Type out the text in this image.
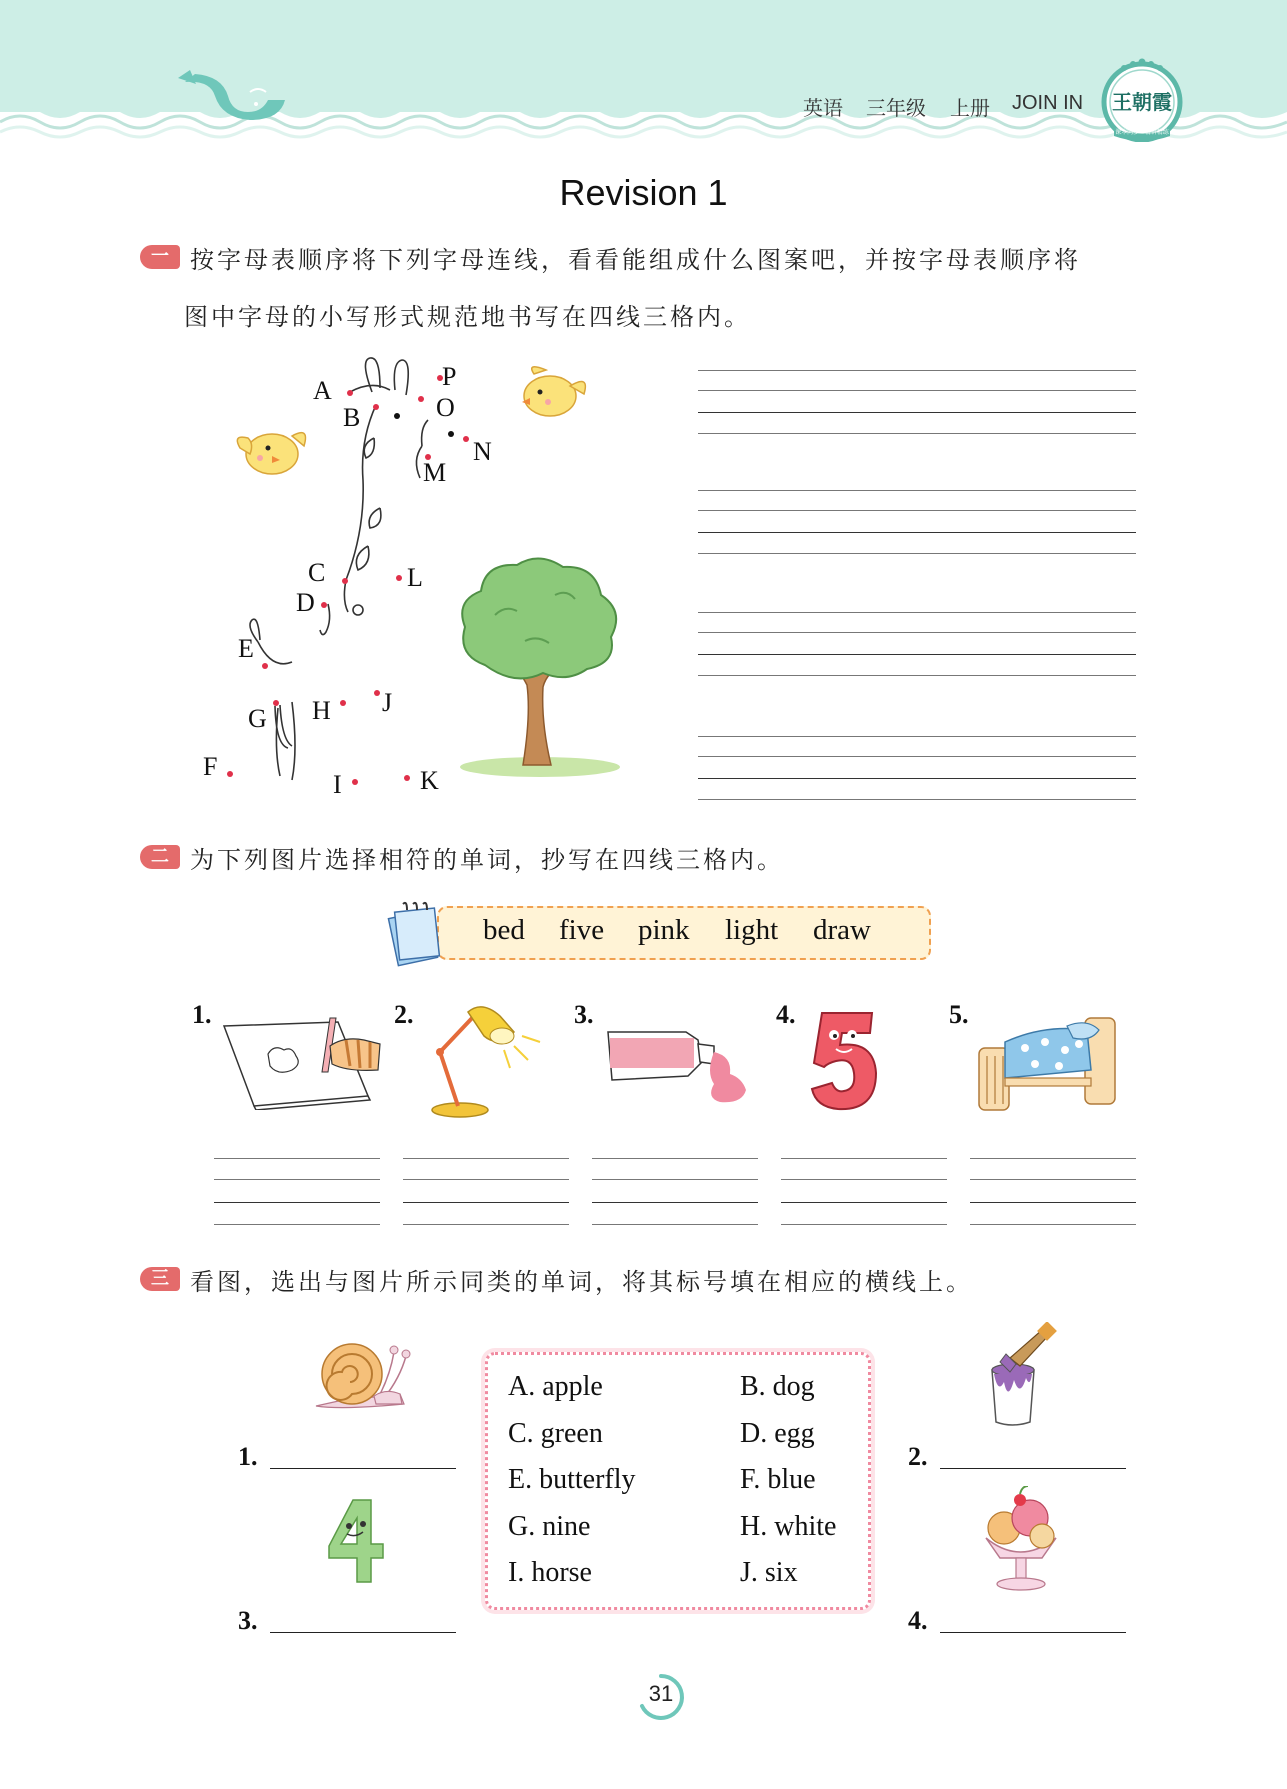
英语 三年级 上册 JOIN IN	王朝霞
课本同步 · 精讲精练
Revision 1
一 按字母表顺序将下列字母连线，看看能组成什么图案吧，并按字母表顺序将
图中字母的小写形式规范地书写在四线三格内。
A
B
C
D
E
F
G H
I
J
K
L
M
N
O
P
二 为下列图片选择相符的单词，抄写在四线三格内。
bed five pink light draw
1.	2.	3.	4.	5.
三 看图，选出与图片所示同类的单词，将其标号填在相应的横线上。
A. apple	B. dog
C. green	D. egg
E. butterfly	F. blue
G. nine	H. white
I. horse	J. six
1.	2.
3.	4.
31
